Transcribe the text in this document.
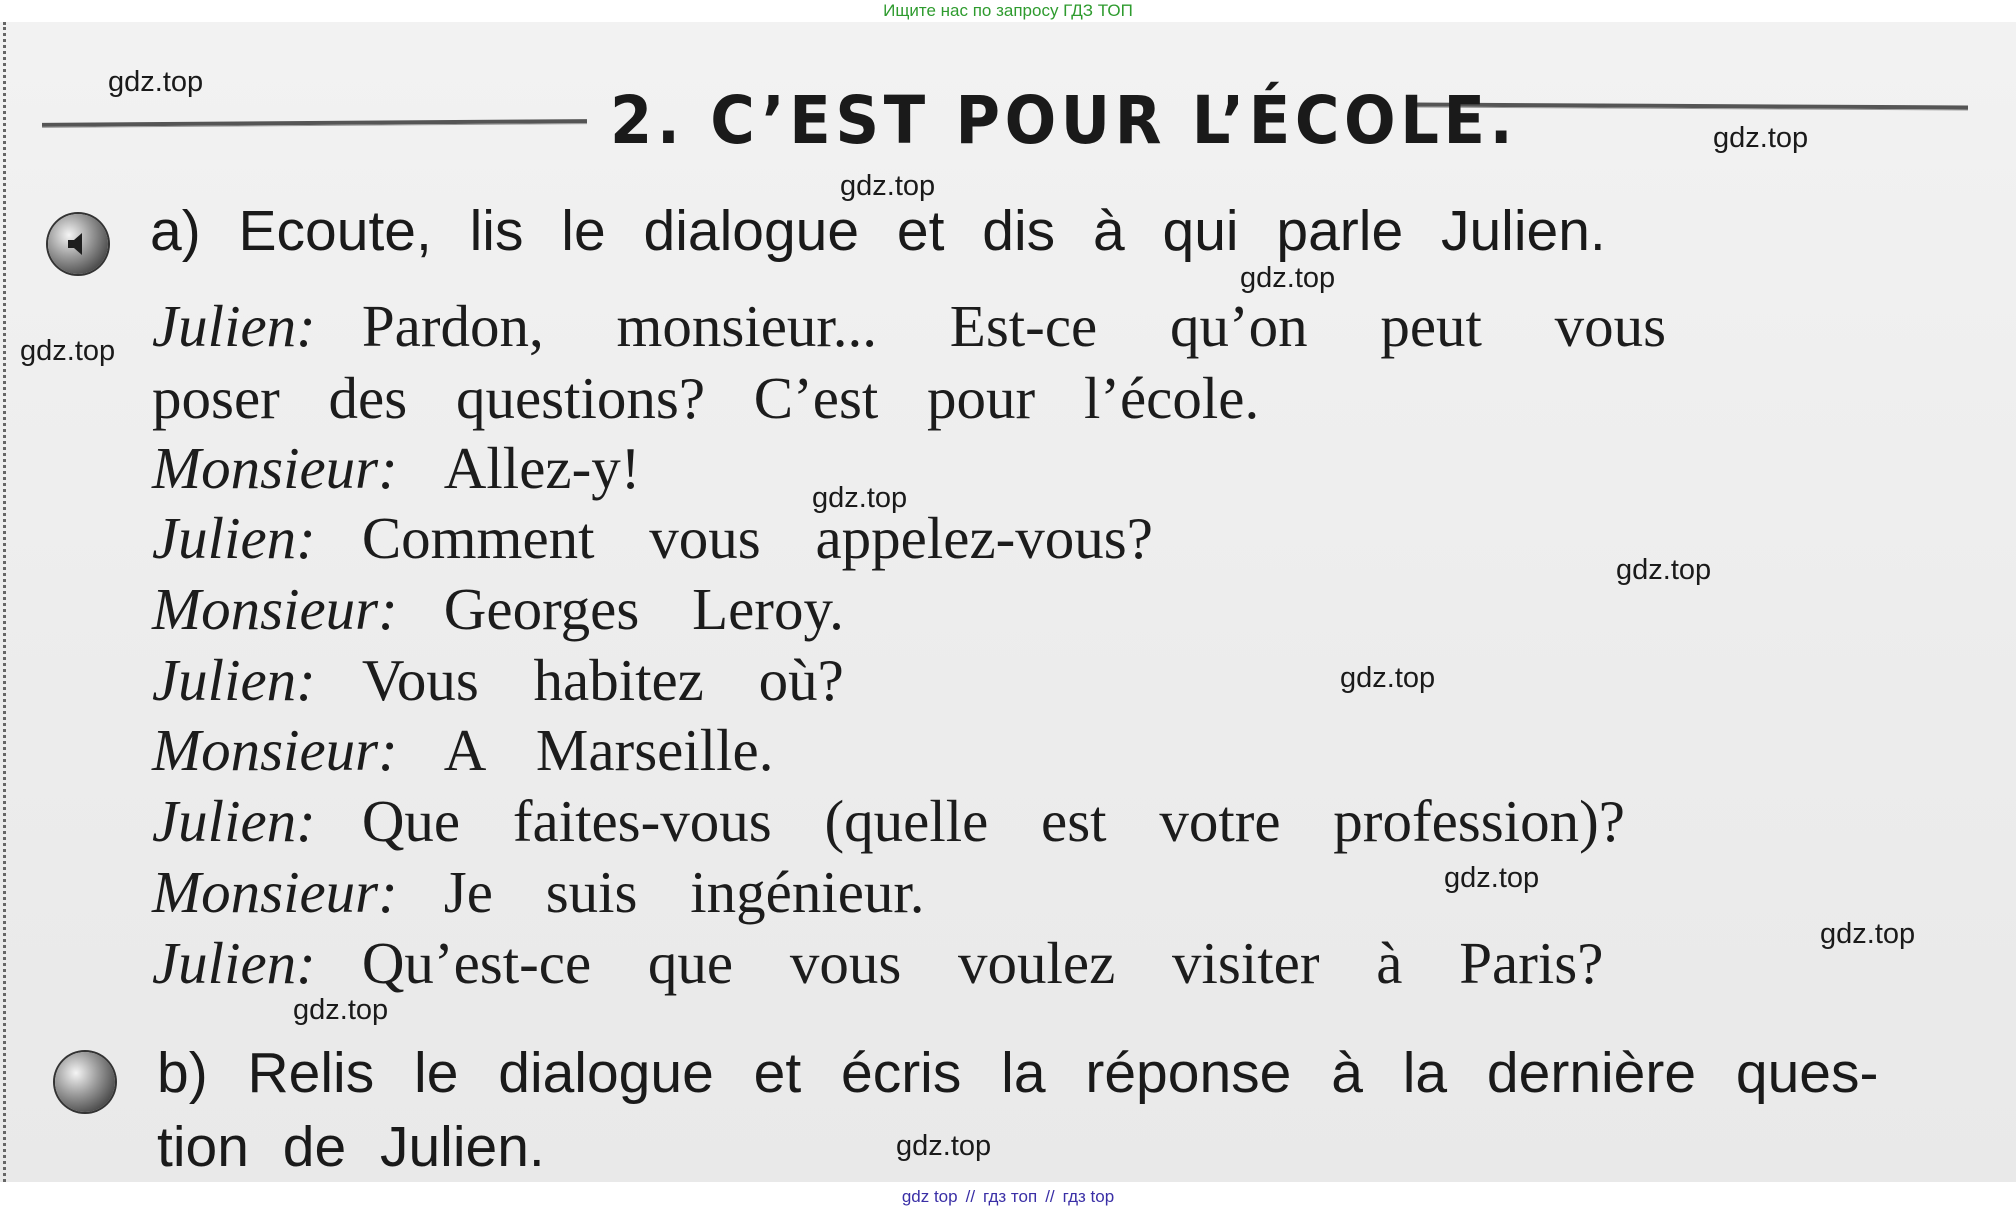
Ищите нас по запросу ГДЗ ТОП
2. C’EST POUR L’ÉCOLE.
a) Ecoute, lis le dialogue et dis à qui parle Julien.
Julien: Pardon, monsieur... Est-ce qu’on peut vous
poser des questions? C’est pour l’école.
Monsieur: Allez-y!
Julien: Comment vous appelez-vous?
Monsieur: Georges Leroy.
Julien: Vous habitez où?
Monsieur: A Marseille.
Julien: Que faites-vous (quelle est votre profession)?
Monsieur: Je suis ingénieur.
Julien: Qu’est-ce que vous voulez visiter à Paris?
b) Relis le dialogue et écris la réponse à la dernière ques-
tion de Julien.
gdz.top
gdz.top
gdz.top
gdz.top
gdz.top
gdz.top
gdz.top
gdz.top
gdz.top
gdz.top
gdz.top
gdz.top
gdz top // гдз топ // гдз top
